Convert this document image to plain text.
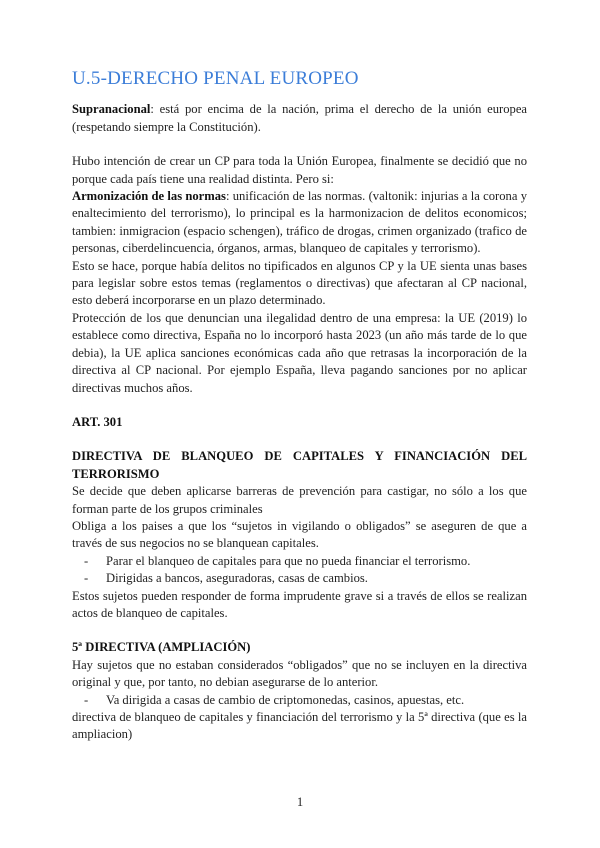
U.5-DERECHO PENAL EUROPEO

Supranacional: está por encima de la nación, prima el derecho de la unión europea (respetando siempre la Constitución).

Hubo intención de crear un CP para toda la Unión Europea, finalmente se decidió que no porque cada país tiene una realidad distinta. Pero si:

Armonización de las normas: unificación de las normas. (valtonik: injurias a la corona y enaltecimiento del terrorismo), lo principal es la harmonizacion de delitos economicos; tambien: inmigracion (espacio schengen), tráfico de drogas, crimen organizado (trafico de personas, ciberdelincuencia, órganos, armas, blanqueo de capitales y terrorismo).

Esto se hace, porque había delitos no tipificados en algunos CP y la UE sienta unas bases para legislar sobre estos temas (reglamentos o directivas) que afectaran al CP nacional, esto deberá incorporarse en un plazo determinado.

Protección de los que denuncian una ilegalidad dentro de una empresa: la UE (2019) lo establece como directiva, España no lo incorporó hasta 2023 (un año más tarde de lo que debia), la UE aplica sanciones económicas cada año que retrasas la incorporación de la directiva al CP nacional. Por ejemplo España, lleva pagando sanciones por no aplicar directivas muchos años.

ART. 301

DIRECTIVA DE BLANQUEO DE CAPITALES Y FINANCIACIÓN DEL TERRORISMO

Se decide que deben aplicarse barreras de prevención para castigar, no sólo a los que forman parte de los grupos criminales

Obliga a los paises a que los “sujetos in vigilando o obligados” se aseguren de que a través de sus negocios no se blanquean capitales.

- Parar el blanqueo de capitales para que no pueda financiar el terrorismo.
- Dirigidas a bancos, aseguradoras, casas de cambios.

Estos sujetos pueden responder de forma imprudente grave si a través de ellos se realizan actos de blanqueo de capitales.

5ª DIRECTIVA (AMPLIACIÓN)

Hay sujetos que no estaban considerados “obligados” que no se incluyen en la directiva original y que, por tanto, no debian asegurarse de lo anterior.

- Va dirigida a casas de cambio de criptomonedas, casinos, apuestas, etc.

directiva de blanqueo de capitales y financiación del terrorismo y la 5ª directiva (que es la ampliacion)

1
